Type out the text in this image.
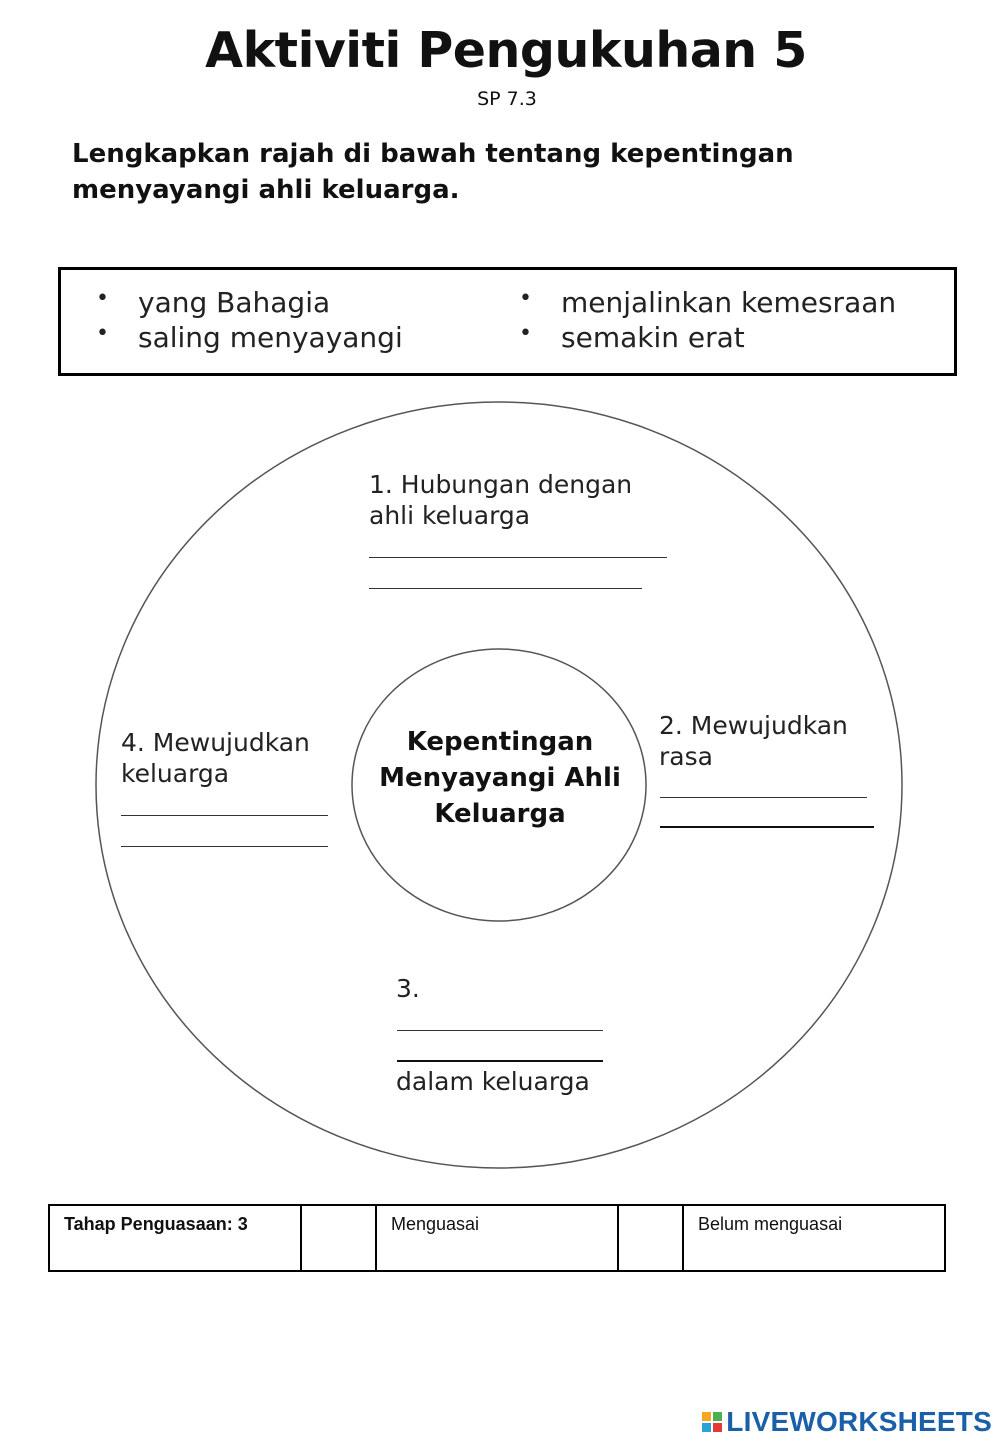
Aktiviti Pengukuhan 5
SP 7.3
Lengkapkan rajah di bawah tentang kepentingan
menyayangi ahli keluarga.
• yang Bahagia
• saling menyayangi
• menjalinkan kemesraan
• semakin erat
Kepentingan
Menyayangi Ahli
Keluarga
1. Hubungan dengan
ahli keluarga
2. Mewujudkan
rasa
3.
dalam keluarga
4. Mewujudkan
keluarga
Tahap Penguasaan: 3		Menguasai		Belum menguasai
LIVEWORKSHEETS
